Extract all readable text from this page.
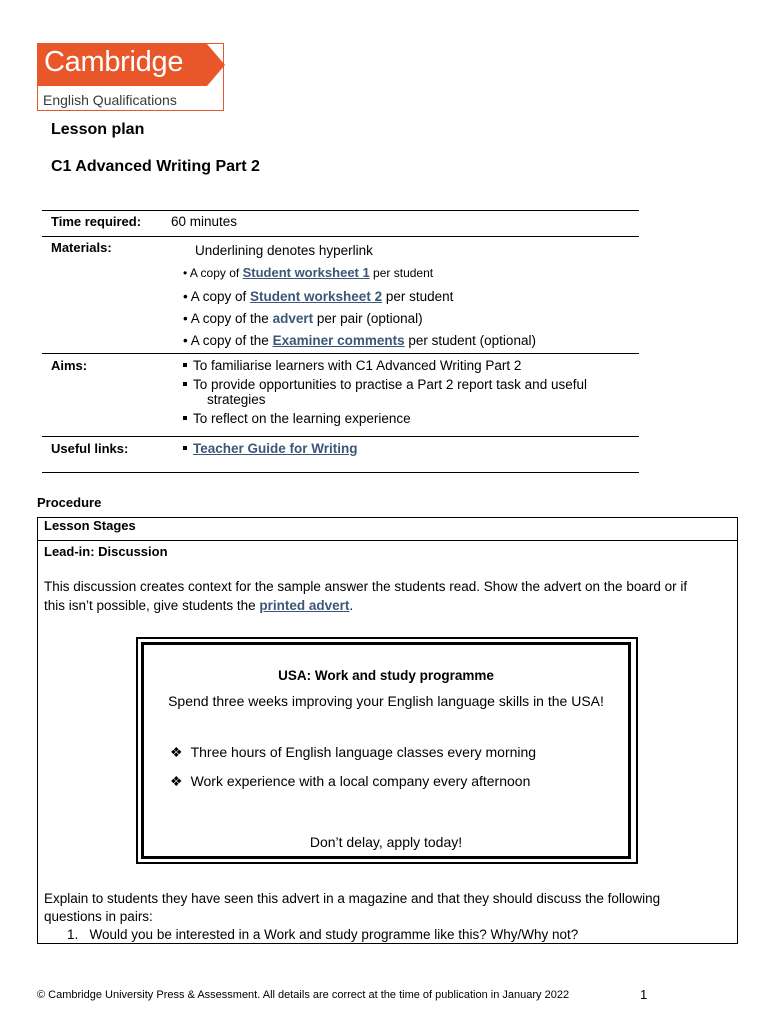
Cambridge
English Qualifications
Lesson plan
C1 Advanced Writing Part 2
Time required: 60 minutes
Materials:	Underlining denotes hyperlink
• A copy of Student worksheet 1 per student
• A copy of Student worksheet 2 per student
• A copy of the advert per pair (optional)
• A copy of the Examiner comments per student (optional)
Aims:	To familiarise learners with C1 Advanced Writing Part 2
To provide opportunities to practise a Part 2 report task and useful
strategies
To reflect on the learning experience
Useful links:	Teacher Guide for Writing
Procedure
Lesson Stages
Lead-in: Discussion
This discussion creates context for the sample answer the students read. Show the advert on the board or if
this isn’t possible, give students the printed advert.
USA: Work and study programme
Spend three weeks improving your English language skills in the USA!
❖ Three hours of English language classes every morning
❖ Work experience with a local company every afternoon
Don’t delay, apply today!
Explain to students they have seen this advert in a magazine and that they should discuss the following
questions in pairs:
1. Would you be interested in a Work and study programme like this? Why/Why not?
© Cambridge University Press & Assessment. All details are correct at the time of publication in January 2022	1
